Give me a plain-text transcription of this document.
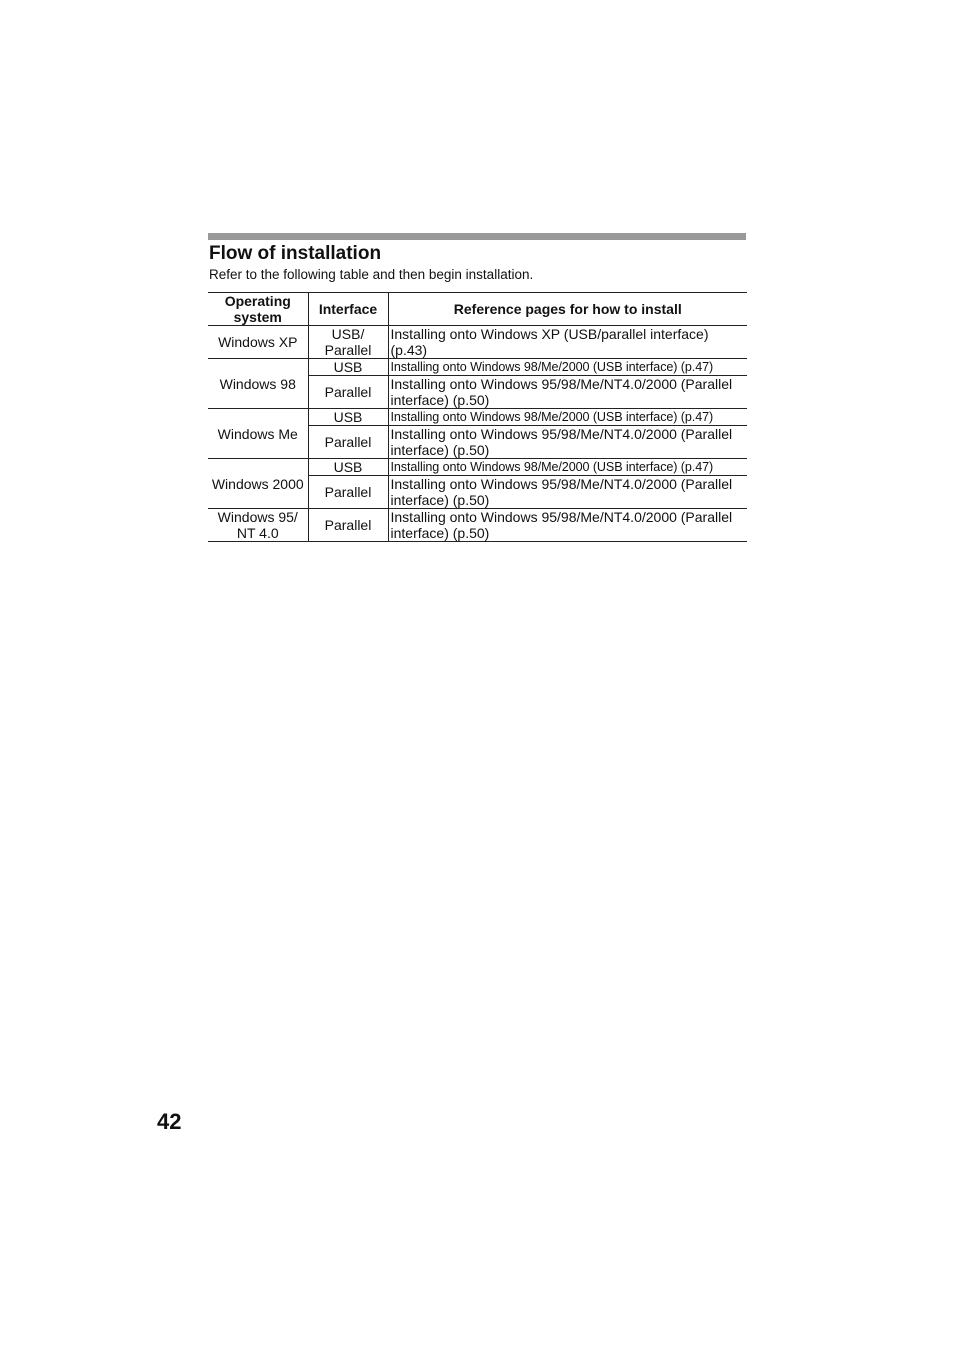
Flow of installation

Refer to the following table and then begin installation.

Operating system	Interface	Reference pages for how to install
Windows XP	USB/ Parallel	Installing onto Windows XP (USB/parallel interface) (p.43)
Windows 98	USB	Installing onto Windows 98/Me/2000 (USB interface) (p.47)
	Parallel	Installing onto Windows 95/98/Me/NT4.0/2000 (Parallel interface) (p.50)
Windows Me	USB	Installing onto Windows 98/Me/2000 (USB interface) (p.47)
	Parallel	Installing onto Windows 95/98/Me/NT4.0/2000 (Parallel interface) (p.50)
Windows 2000	USB	Installing onto Windows 98/Me/2000 (USB interface) (p.47)
	Parallel	Installing onto Windows 95/98/Me/NT4.0/2000 (Parallel interface) (p.50)
Windows 95/ NT 4.0	Parallel	Installing onto Windows 95/98/Me/NT4.0/2000 (Parallel interface) (p.50)

42
